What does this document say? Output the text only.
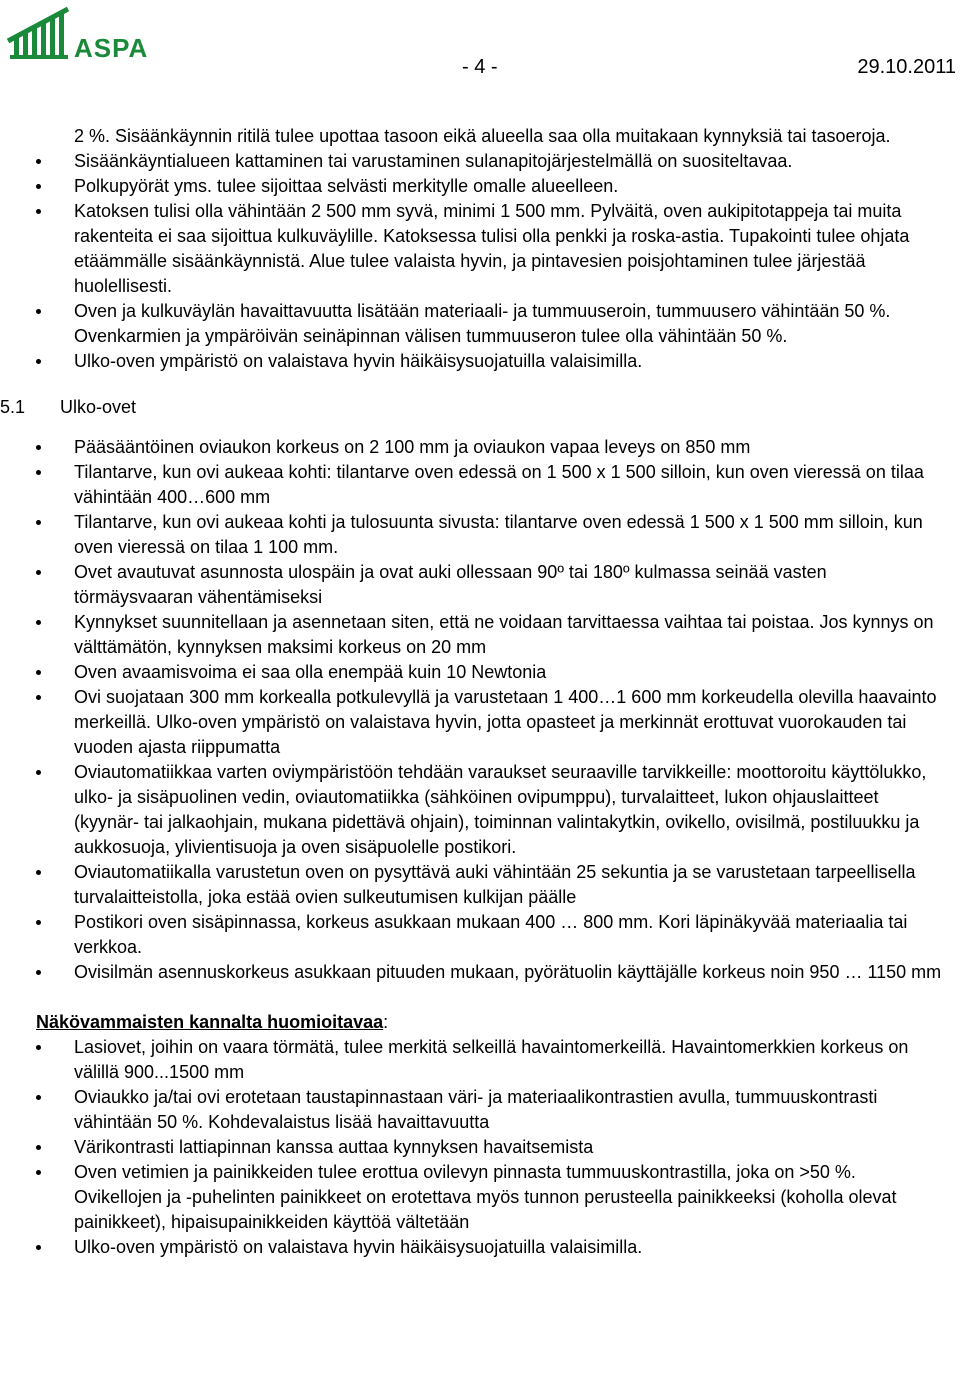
ASPA
- 4 -	29.10.2011

2 %. Sisäänkäynnin ritilä tulee upottaa tasoon eikä alueella saa olla muitakaan kynnyksiä tai tasoeroja.

Sisäänkäyntialueen kattaminen tai varustaminen sulanapitojärjestelmällä on suositeltavaa.
Polkupyörät yms. tulee sijoittaa selvästi merkitylle omalle alueelleen.
Katoksen tulisi olla vähintään 2 500 mm syvä, minimi 1 500 mm. Pylväitä, oven aukipitotappeja tai muita rakenteita ei saa sijoittua kulkuväylille. Katoksessa tulisi olla penkki ja roska-astia. Tupakointi tulee ohjata etäämmälle sisäänkäynnistä. Alue tulee valaista hyvin, ja pintavesien poisjohtaminen tulee järjestää huolellisesti.
Oven ja kulkuväylän havaittavuutta lisätään materiaali- ja tummuuseroin, tummuusero vähintään 50 %. Ovenkarmien ja ympäröivän seinäpinnan välisen tummuuseron tulee olla vähintään 50 %.
Ulko-oven ympäristö on valaistava hyvin häikäisysuojatuilla valaisimilla.
5.1 Ulko-ovet
Pääsääntöinen oviaukon korkeus on 2 100 mm ja oviaukon vapaa leveys on 850 mm
Tilantarve, kun ovi aukeaa kohti: tilantarve oven edessä on 1 500 x 1 500 silloin, kun oven vieressä on tilaa vähintään 400…600 mm
Tilantarve, kun ovi aukeaa kohti ja tulosuunta sivusta: tilantarve oven edessä 1 500 x 1 500 mm silloin, kun oven vieressä on tilaa 1 100 mm.
Ovet avautuvat asunnosta ulospäin ja ovat auki ollessaan 90º tai 180º kulmassa seinää vasten törmäysvaaran vähentämiseksi
Kynnykset suunnitellaan ja asennetaan siten, että ne voidaan tarvittaessa vaihtaa tai poistaa. Jos kynnys on välttämätön, kynnyksen maksimi korkeus on 20 mm
Oven avaamisvoima ei saa olla enempää kuin 10 Newtonia
Ovi suojataan 300 mm korkealla potkulevyllä ja varustetaan 1 400…1 600 mm korkeudella olevilla haavainto merkeillä. Ulko-oven ympäristö on valaistava hyvin, jotta opasteet ja merkinnät erottuvat vuorokauden tai vuoden ajasta riippumatta
Oviautomatiikkaa varten oviympäristöön tehdään varaukset seuraaville tarvikkeille: moottoroitu käyttölukko, ulko- ja sisäpuolinen vedin, oviautomatiikka (sähköinen ovipumppu), turvalaitteet, lukon ohjauslaitteet (kyynär- tai jalkaohjain, mukana pidettävä ohjain), toiminnan valintakytkin, ovikello, ovisilmä, postiluukku ja aukkosuoja, ylivientisuoja ja oven sisäpuolelle postikori.
Oviautomatiikalla varustetun oven on pysyttävä auki vähintään 25 sekuntia ja se varustetaan tarpeellisella turvalaitteistolla, joka estää ovien sulkeutumisen kulkijan päälle
Postikori oven sisäpinnassa, korkeus asukkaan mukaan 400 … 800 mm. Kori läpinäkyvää materiaalia tai verkkoa.
Ovisilmän asennuskorkeus asukkaan pituuden mukaan, pyörätuolin käyttäjälle korkeus noin 950 … 1150 mm
Näkövammaisten kannalta huomioitavaa:
Lasiovet, joihin on vaara törmätä, tulee merkitä selkeillä havaintomerkeillä. Havaintomerkkien korkeus on välillä 900...1500 mm
Oviaukko ja/tai ovi erotetaan taustapinnastaan väri- ja materiaalikontrastien avulla, tummuuskontrasti vähintään 50 %. Kohdevalaistus lisää havaittavuutta
Värikontrasti lattiapinnan kanssa auttaa kynnyksen havaitsemista
Oven vetimien ja painikkeiden tulee erottua ovilevyn pinnasta tummuuskontrastilla, joka on >50 %. Ovikellojen ja -puhelinten painikkeet on erotettava myös tunnon perusteella painikkeeksi (koholla olevat painikkeet), hipaisupainikkeiden käyttöä vältetään
Ulko-oven ympäristö on valaistava hyvin häikäisysuojatuilla valaisimilla.
